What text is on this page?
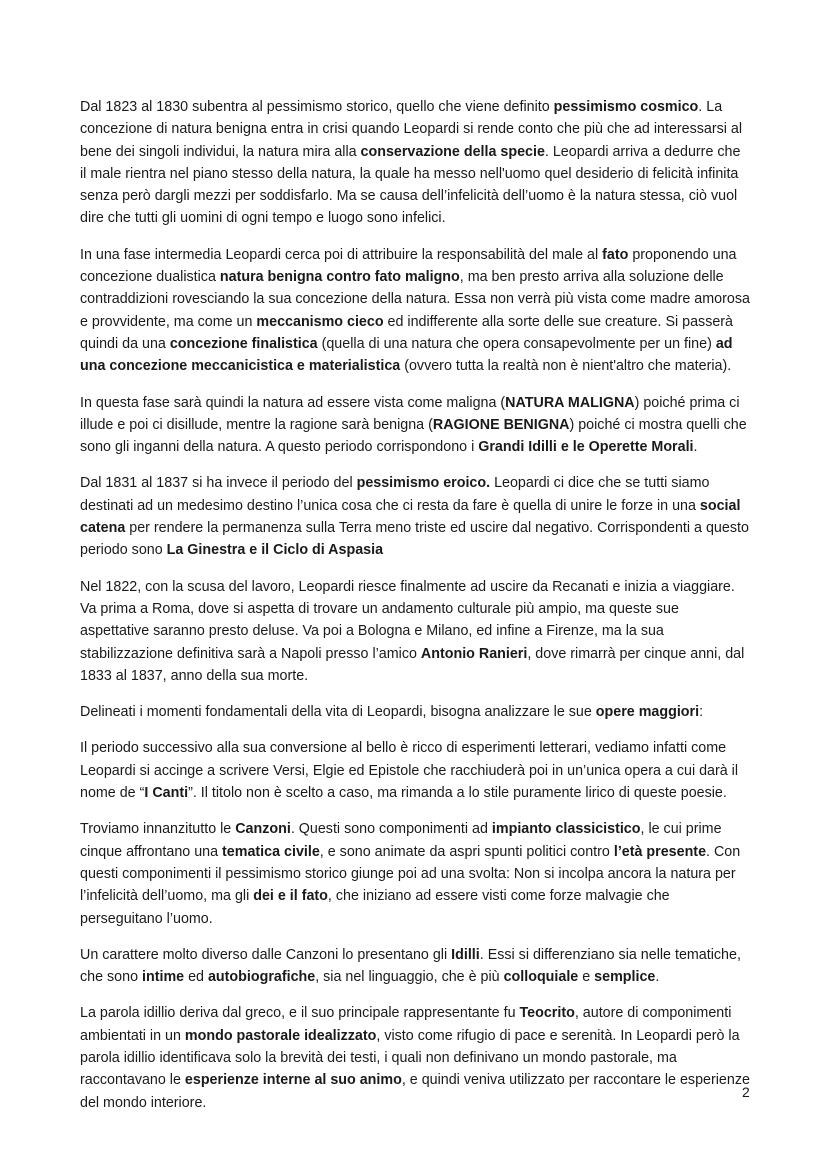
Dal 1823 al 1830 subentra al pessimismo storico, quello che viene definito pessimismo cosmico. La concezione di natura benigna entra in crisi quando Leopardi si rende conto che più che ad interessarsi al bene dei singoli individui, la natura mira alla conservazione della specie. Leopardi arriva a dedurre che il male rientra nel piano stesso della natura, la quale ha messo nell'uomo quel desiderio di felicità infinita senza però dargli mezzi per soddisfarlo. Ma se causa dell’infelicità dell’uomo è la natura stessa, ciò vuol dire che tutti gli uomini di ogni tempo e luogo sono infelici.

In una fase intermedia Leopardi cerca poi di attribuire la responsabilità del male al fato proponendo una concezione dualistica natura benigna contro fato maligno, ma ben presto arriva alla soluzione delle contraddizioni rovesciando la sua concezione della natura. Essa non verrà più vista come madre amorosa e provvidente, ma come un meccanismo cieco ed indifferente alla sorte delle sue creature. Si passerà quindi da una concezione finalistica (quella di una natura che opera consapevolmente per un fine) ad una concezione meccanicistica e materialistica (ovvero tutta la realtà non è nient'altro che materia).

In questa fase sarà quindi la natura ad essere vista come maligna (NATURA MALIGNA) poiché prima ci illude e poi ci disillude, mentre la ragione sarà benigna (RAGIONE BENIGNA) poiché ci mostra quelli che sono gli inganni della natura. A questo periodo corrispondono i Grandi Idilli e le Operette Morali.

Dal 1831 al 1837 si ha invece il periodo del pessimismo eroico. Leopardi ci dice che se tutti siamo destinati ad un medesimo destino l’unica cosa che ci resta da fare è quella di unire le forze in una social catena per rendere la permanenza sulla Terra meno triste ed uscire dal negativo. Corrispondenti a questo periodo sono La Ginestra e il Ciclo di Aspasia

Nel 1822, con la scusa del lavoro, Leopardi riesce finalmente ad uscire da Recanati e inizia a viaggiare. Va prima a Roma, dove si aspetta di trovare un andamento culturale più ampio, ma queste sue aspettative saranno presto deluse. Va poi a Bologna e Milano, ed infine a Firenze, ma la sua stabilizzazione definitiva sarà a Napoli presso l’amico Antonio Ranieri, dove rimarrà per cinque anni, dal 1833 al 1837, anno della sua morte.

Delineati i momenti fondamentali della vita di Leopardi, bisogna analizzare le sue opere maggiori:

Il periodo successivo alla sua conversione al bello è ricco di esperimenti letterari, vediamo infatti come Leopardi si accinge a scrivere Versi, Elgie ed Epistole che racchiuderà poi in un’unica opera a cui darà il nome de “I Canti”. Il titolo non è scelto a caso, ma rimanda a lo stile puramente lirico di queste poesie.

Troviamo innanzitutto le Canzoni. Questi sono componimenti ad impianto classicistico, le cui prime cinque affrontano una tematica civile, e sono animate da aspri spunti politici contro l’età presente. Con questi componimenti il pessimismo storico giunge poi ad una svolta: Non si incolpa ancora la natura per l’infelicità dell’uomo, ma gli dei e il fato, che iniziano ad essere visti come forze malvagie che perseguitano l’uomo.

Un carattere molto diverso dalle Canzoni lo presentano gli Idilli. Essi si differenziano sia nelle tematiche, che sono intime ed autobiografiche, sia nel linguaggio, che è più colloquiale e semplice.

La parola idillio deriva dal greco, e il suo principale rappresentante fu Teocrito, autore di componimenti ambientati in un mondo pastorale idealizzato, visto come rifugio di pace e serenità. In Leopardi però la parola idillio identificava solo la brevità dei testi, i quali non definivano un mondo pastorale, ma raccontavano le esperienze interne al suo animo, e quindi veniva utilizzato per raccontare le esperienze del mondo interiore.

2
